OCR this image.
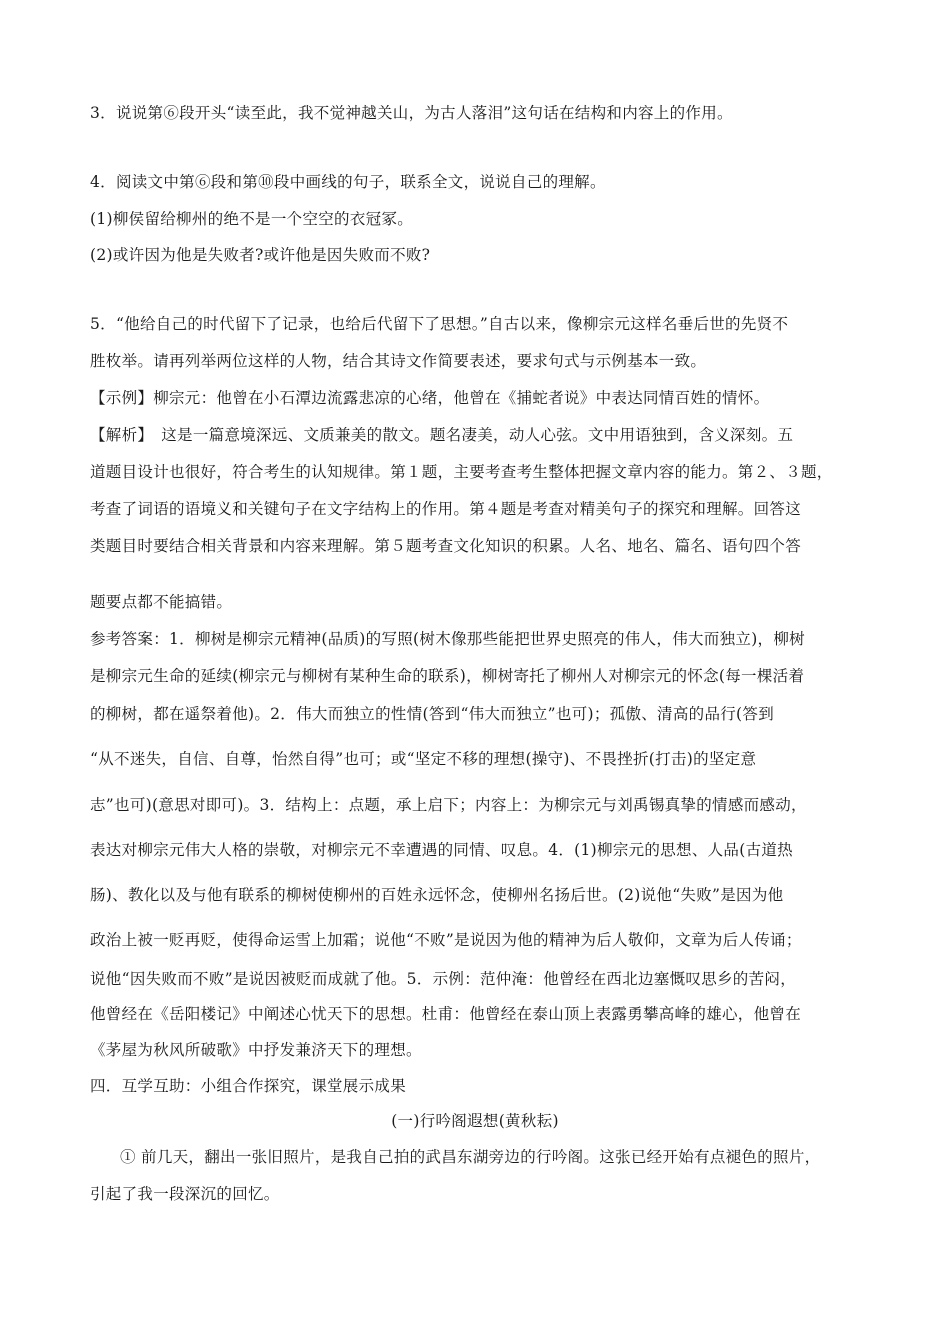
3．说说第⑥段开头“读至此，我不觉神越关山，为古人落泪”这句话在结构和内容上的作用。
4．阅读文中第⑥段和第⑩段中画线的句子，联系全文，说说自己的理解。
(1)柳侯留给柳州的绝不是一个空空的衣冠冢。
(2)或许因为他是失败者?或许他是因失败而不败?
5．“他给自己的时代留下了记录，也给后代留下了思想。”自古以来，像柳宗元这样名垂后世的先贤不
胜枚举。请再列举两位这样的人物，结合其诗文作简要表述，要求句式与示例基本一致。
【示例】柳宗元：他曾在小石潭边流露悲凉的心绪，他曾在《捕蛇者说》中表达同情百姓的情怀。
【解析】　这是一篇意境深远、文质兼美的散文。题名凄美，动人心弦。文中用语独到，含义深刻。五
道题目设计也很好，符合考生的认知规律。第１题，主要考查考生整体把握文章内容的能力。第２、３题，
考查了词语的语境义和关键句子在文字结构上的作用。第４题是考查对精美句子的探究和理解。回答这
类题目时要结合相关背景和内容来理解。第５题考查文化知识的积累。人名、地名、篇名、语句四个答
题要点都不能搞错。
参考答案：1．柳树是柳宗元精神(品质)的写照(树木像那些能把世界史照亮的伟人，伟大而独立)，柳树
是柳宗元生命的延续(柳宗元与柳树有某种生命的联系)，柳树寄托了柳州人对柳宗元的怀念(每一棵活着
的柳树，都在遥祭着他)。2．伟大而独立的性情(答到“伟大而独立”也可)；孤傲、清高的品行(答到
“从不迷失，自信、自尊，怡然自得”也可；或“坚定不移的理想(操守)、不畏挫折(打击)的坚定意
志”也可)(意思对即可)。3．结构上：点题，承上启下；内容上：为柳宗元与刘禹锡真挚的情感而感动，
表达对柳宗元伟大人格的崇敬，对柳宗元不幸遭遇的同情、叹息。4．(1)柳宗元的思想、人品(古道热
肠)、教化以及与他有联系的柳树使柳州的百姓永远怀念，使柳州名扬后世。(2)说他“失败”是因为他
政治上被一贬再贬，使得命运雪上加霜；说他“不败”是说因为他的精神为后人敬仰，文章为后人传诵；
说他“因失败而不败”是说因被贬而成就了他。5．示例：范仲淹：他曾经在西北边塞慨叹思乡的苦闷，
他曾经在《岳阳楼记》中阐述心忧天下的思想。杜甫：他曾经在泰山顶上表露勇攀高峰的雄心，他曾在
《茅屋为秋风所破歌》中抒发兼济天下的理想。
四．互学互助：小组合作探究，课堂展示成果
(一)行吟阁遐想(黄秋耘)
① 前几天，翻出一张旧照片，是我自己拍的武昌东湖旁边的行吟阁。这张已经开始有点褪色的照片，
引起了我一段深沉的回忆。
